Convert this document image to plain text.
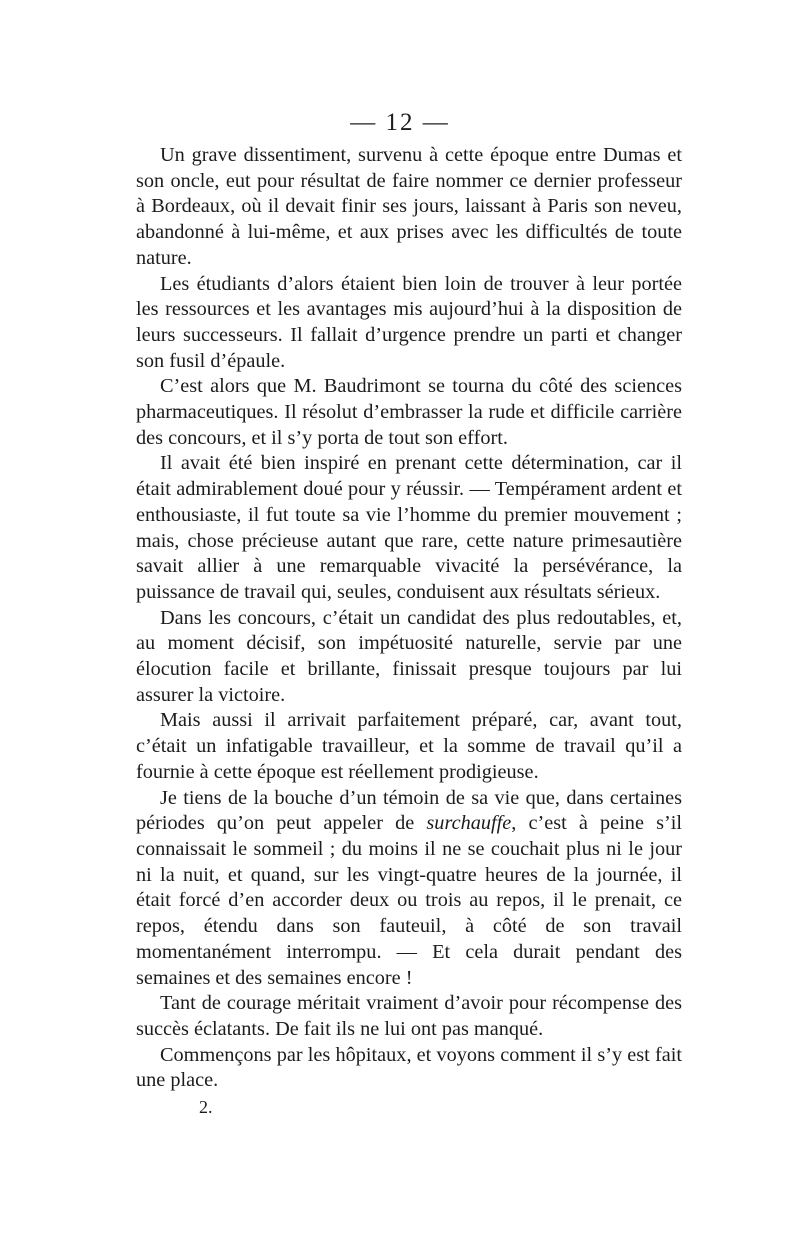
— 12 —

Un grave dissentiment, survenu à cette époque entre Dumas et son oncle, eut pour résultat de faire nommer ce dernier professeur à Bordeaux, où il devait finir ses jours, laissant à Paris son neveu, abandonné à lui-même, et aux prises avec les difficultés de toute nature.

Les étudiants d’alors étaient bien loin de trouver à leur portée les ressources et les avantages mis aujourd’hui à la disposition de leurs successeurs. Il fallait d’urgence prendre un parti et changer son fusil d’épaule.

C’est alors que M. Baudrimont se tourna du côté des sciences pharmaceutiques. Il résolut d’embrasser la rude et difficile carrière des concours, et il s’y porta de tout son effort.

Il avait été bien inspiré en prenant cette détermination, car il était admirablement doué pour y réussir. — Tempérament ardent et enthousiaste, il fut toute sa vie l’homme du premier mouvement ; mais, chose précieuse autant que rare, cette nature primesautière savait allier à une remarquable vivacité la persévérance, la puissance de travail qui, seules, conduisent aux résultats sérieux.

Dans les concours, c’était un candidat des plus redoutables, et, au moment décisif, son impétuosité naturelle, servie par une élocution facile et brillante, finissait presque toujours par lui assurer la victoire.

Mais aussi il arrivait parfaitement préparé, car, avant tout, c’était un infatigable travailleur, et la somme de travail qu’il a fournie à cette époque est réellement prodigieuse.

Je tiens de la bouche d’un témoin de sa vie que, dans certaines périodes qu’on peut appeler de surchauffe, c’est à peine s’il connaissait le sommeil ; du moins il ne se couchait plus ni le jour ni la nuit, et quand, sur les vingt-quatre heures de la journée, il était forcé d’en accorder deux ou trois au repos, il le prenait, ce repos, étendu dans son fauteuil, à côté de son travail momentanément interrompu. — Et cela durait pendant des semaines et des semaines encore !

Tant de courage méritait vraiment d’avoir pour récompense des succès éclatants. De fait ils ne lui ont pas manqué.

Commençons par les hôpitaux, et voyons comment il s’y est fait une place.

2.
